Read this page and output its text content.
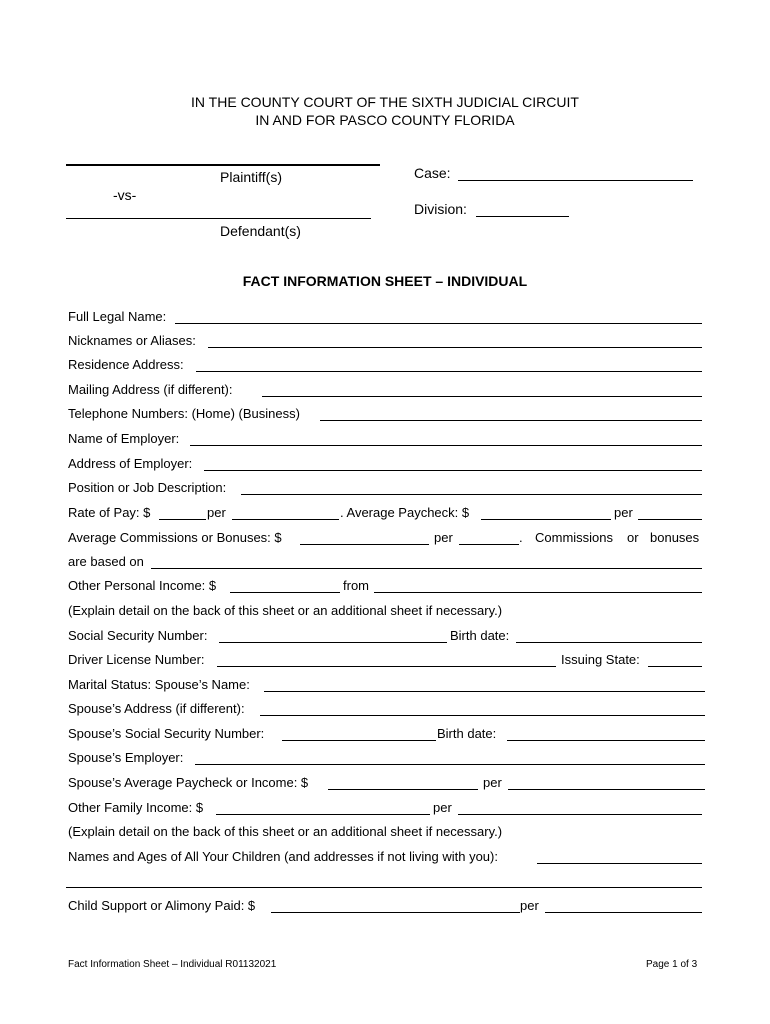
IN THE COUNTY COURT OF THE SIXTH JUDICIAL CIRCUIT
IN AND FOR PASCO COUNTY FLORIDA
Plaintiff(s)
-vs-
Defendant(s)
Case:
Division:
FACT INFORMATION SHEET – INDIVIDUAL
Full Legal Name:
Nicknames or Aliases:
Residence Address:
Mailing Address (if different):
Telephone Numbers: (Home) (Business)
Name of Employer:
Address of Employer:
Position or Job Description:
Rate of Pay: $	per	. Average Paycheck: $	per
Average Commissions or Bonuses: $	per	. Commissions or bonuses
are based on
Other Personal Income: $	from
(Explain detail on the back of this sheet or an additional sheet if necessary.)
Social Security Number:	Birth date:
Driver License Number:	Issuing State:
Marital Status: Spouse’s Name:
Spouse’s Address (if different):
Spouse’s Social Security Number:	Birth date:
Spouse’s Employer:
Spouse’s Average Paycheck or Income: $	per
Other Family Income: $	per
(Explain detail on the back of this sheet or an additional sheet if necessary.)
Names and Ages of All Your Children (and addresses if not living with you):
Child Support or Alimony Paid: $	per
Fact Information Sheet – Individual R01132021	Page 1 of 3
